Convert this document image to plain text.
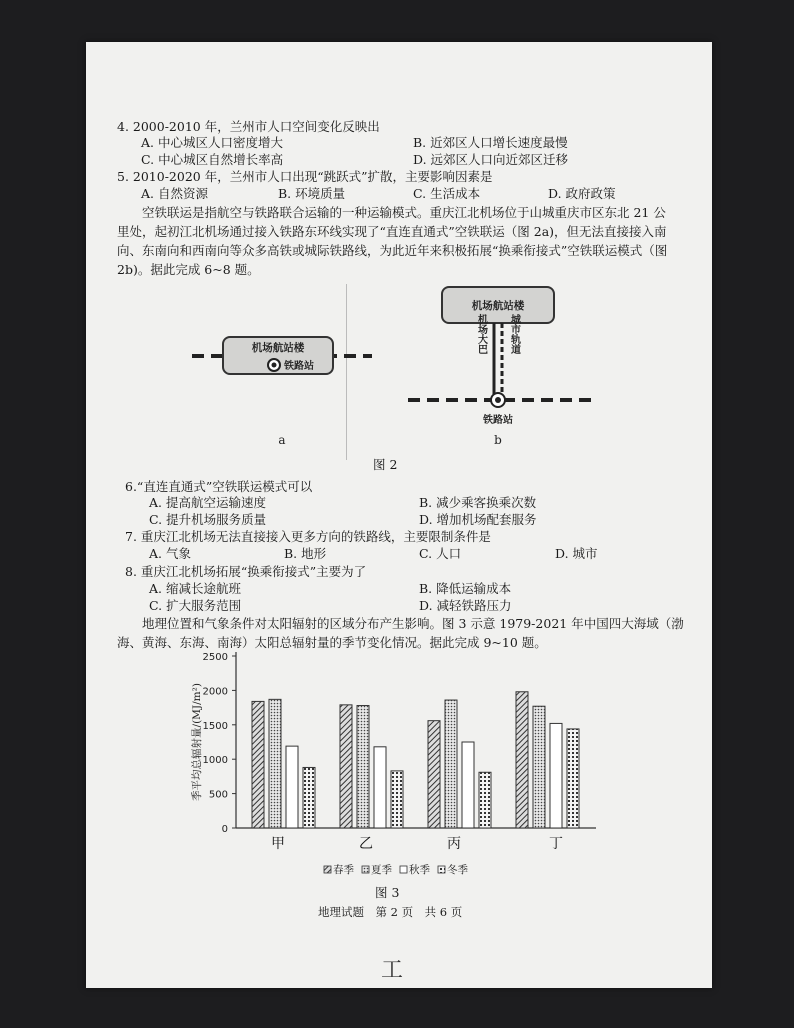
4. 2000-2010 年，兰州市人口空间变化反映出
A. 中心城区人口密度增大	B. 近郊区人口增长速度最慢
C. 中心城区自然增长率高	D. 远郊区人口向近郊区迁移
5. 2010-2020 年，兰州市人口出现“跳跃式”扩散，主要影响因素是
A. 自然资源	B. 环境质量	C. 生活成本	D. 政府政策
空铁联运是指航空与铁路联合运输的一种运输模式。重庆江北机场位于山城重庆市区东北 21 公里处，起初江北机场通过接入铁路东环线实现了“直连直通式”空铁联运（图 2a)，但无法直接接入南向、东南向和西南向等众多高铁或城际铁路线，为此近年来积极拓展“换乘衔接式”空铁联运模式（图 2b)。据此完成 6~8 题。
机场航站楼
铁路站
a
机场航站楼
机场大巴 城市轨道
铁路站
b
图 2
6.“直连直通式”空铁联运模式可以
A. 提高航空运输速度	B. 减少乘客换乘次数
C. 提升机场服务质量	D. 增加机场配套服务
7. 重庆江北机场无法直接接入更多方向的铁路线，主要限制条件是
A. 气象	B. 地形	C. 人口	D. 城市
8. 重庆江北机场拓展“换乘衔接式”主要为了
A. 缩减长途航班	B. 降低运输成本
C. 扩大服务范围	D. 减轻铁路压力
地理位置和气象条件对太阳辐射的区域分布产生影响。图 3 示意 1979-2021 年中国四大海域（渤海、黄海、东海、南海）太阳总辐射量的季节变化情况。据此完成 9~10 题。
0
500
1000
1500
2000
2500
季平均总辐射量/(MJ/m²)
甲	乙	丙	丁
春季 夏季 秋季 冬季
图 3
地理试题　第 2 页　共 6 页
工
